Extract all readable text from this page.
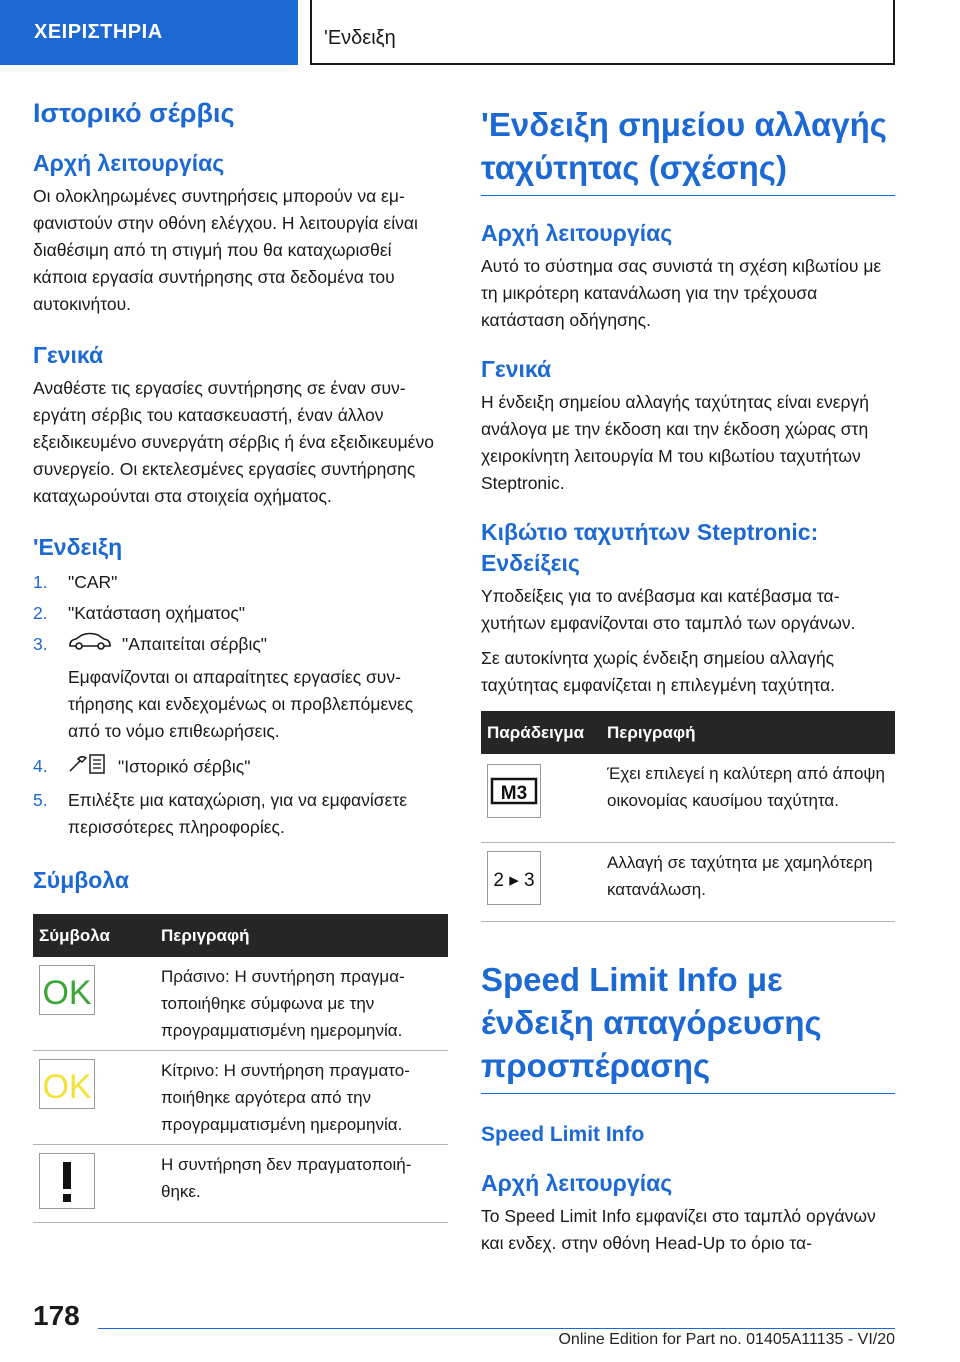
ΧΕΙΡΙΣΤΗΡΙΑ	'Ενδειξη
Ιστορικό σέρβις
Αρχή λειτουργίας

Οι ολοκληρωμένες συντηρήσεις μπορούν να εμφανιστούν στην οθόνη ελέγχου. Η λειτουργία είναι διαθέσιμη από τη στιγμή που θα καταχωρισθεί κάποια εργασία συντήρησης στα δεδομένα του αυτοκινήτου.

Γενικά

Αναθέστε τις εργασίες συντήρησης σε έναν συνεργάτη σέρβις του κατασκευαστή, έναν άλλον εξειδικευμένο συνεργάτη σέρβις ή ένα εξειδικευμένο συνεργείο. Οι εκτελεσμένες εργασίες συντήρησης καταχωρούνται στα στοιχεία οχήματος.

'Ενδειξη
1. "CAR"
2. "Κατάσταση οχήματος"
3.	"Απαιτείται σέρβις"
Εμφανίζονται οι απαραίτητες εργασίες συντήρησης και ενδεχομένως οι προβλεπόμενες από το νόμο επιθεωρήσεις.
4.	"Ιστορικό σέρβις"
5. Επιλέξτε μια καταχώριση, για να εμφανίσετε περισσότερες πληροφορίες.
Σύμβολα
Σύμβολα	Περιγραφή

OK	Πράσινο: Η συντήρηση πραγματοποιήθηκε σύμφωνα με την προγραμματισμένη ημερομηνία.

OK	Κίτρινο: Η συντήρηση πραγματοποιήθηκε αργότερα από την προγραμματισμένη ημερομηνία.
	Η συντήρηση δεν πραγματοποιήθηκε.
'Ενδειξη σημείου αλλαγής ταχύτητας (σχέσης)
Αρχή λειτουργίας

Αυτό το σύστημα σας συνιστά τη σχέση κιβωτίου με τη μικρότερη κατανάλωση για την τρέχουσα κατάσταση οδήγησης.

Γενικά

Η ένδειξη σημείου αλλαγής ταχύτητας είναι ενεργή ανάλογα με την έκδοση και την έκδοση χώρας στη χειροκίνητη λειτουργία M του κιβωτίου ταχυτήτων Steptronic.

Κιβώτιο ταχυτήτων Steptronic: Ενδείξεις

Υποδείξεις για το ανέβασμα και κατέβασμα ταχυτήτων εμφανίζονται στο ταμπλό των οργάνων.

Σε αυτοκίνητα χωρίς ένδειξη σημείου αλλαγής ταχύτητας εμφανίζεται η επιλεγμένη ταχύτητα.

Παράδειγμα	Περιγραφή

M3	Έχει επιλεγεί η καλύτερη από άποψη οικονομίας καυσίμου ταχύτητα.

2 ▸ 3	Αλλαγή σε ταχύτητα με χαμηλότερη κατανάλωση.
Speed Limit Info με ένδειξη απαγόρευσης προσπέρασης
Speed Limit Info
Αρχή λειτουργίας

Το Speed Limit Info εμφανίζει στο ταμπλό οργάνων και ενδεχ. στην οθόνη Head-Up το όριο τα-

178
Online Edition for Part no. 01405A11135 - VI/20
